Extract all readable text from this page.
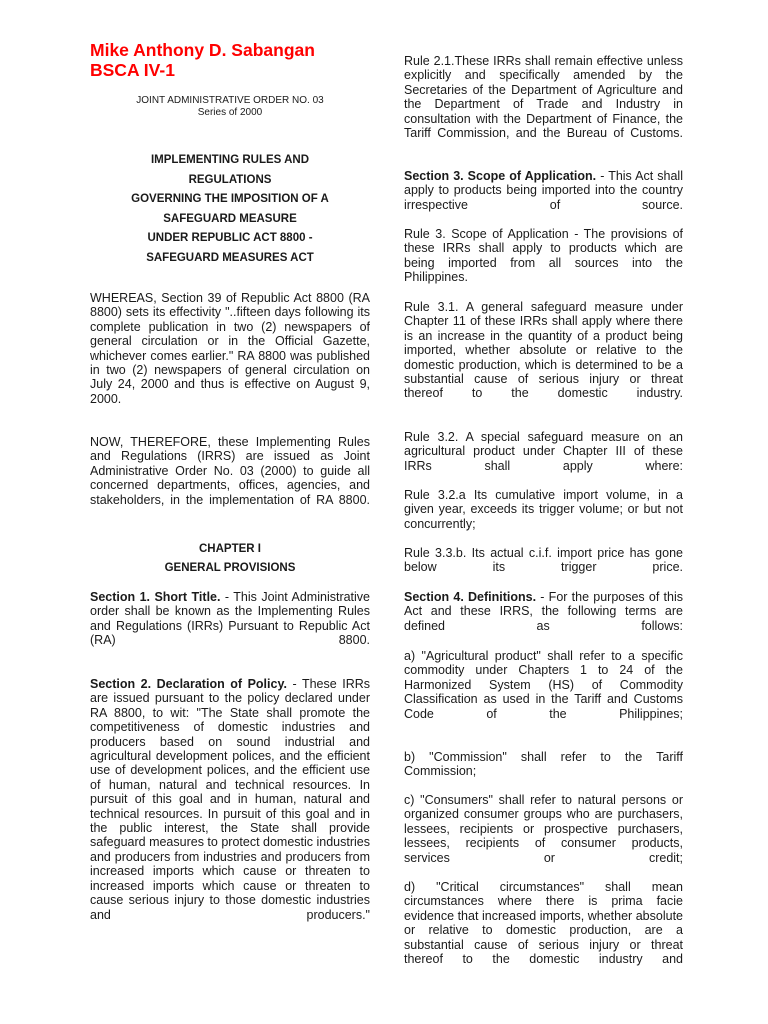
Mike Anthony D. Sabangan
BSCA IV-1

JOINT ADMINISTRATIVE ORDER NO. 03
Series of 2000

IMPLEMENTING RULES AND
REGULATIONS
GOVERNING THE IMPOSITION OF A
SAFEGUARD MEASURE
UNDER REPUBLIC ACT 8800 -
SAFEGUARD MEASURES ACT

WHEREAS, Section 39 of Republic Act 8800 (RA 8800) sets its effectivity "..fifteen days following its complete publication in two (2) newspapers of general circulation or in the Official Gazette, whichever comes earlier." RA 8800 was published in two (2) newspapers of general circulation on July 24, 2000 and thus is effective on August 9, 2000.

NOW, THEREFORE, these Implementing Rules and Regulations (IRRS) are issued as Joint Administrative Order No. 03 (2000) to guide all concerned departments, offices, agencies, and stakeholders, in the implementation of RA 8800.

CHAPTER I
GENERAL PROVISIONS

Section 1. Short Title. - This Joint Administrative order shall be known as the Implementing Rules and Regulations (IRRs) Pursuant to Republic Act (RA) 8800.

Section 2. Declaration of Policy. - These IRRs are issued pursuant to the policy declared under RA 8800, to wit: "The State shall promote the competitiveness of domestic industries and producers based on sound industrial and agricultural development polices, and the efficient use of development polices, and the efficient use of human, natural and technical resources. In pursuit of this goal and in human, natural and technical resources. In pursuit of this goal and in the public interest, the State shall provide safeguard measures to protect domestic industries and producers from industries and producers from increased imports which cause or threaten to increased imports which cause or threaten to cause serious injury to those domestic industries and producers."

Rule 2.1.These IRRs shall remain effective unless explicitly and specifically amended by the Secretaries of the Department of Agriculture and the Department of Trade and Industry in consultation with the Department of Finance, the Tariff Commission, and the Bureau of Customs.

Section 3. Scope of Application. - This Act shall apply to products being imported into the country irrespective of source.

Rule 3. Scope of Application - The provisions of these IRRs shall apply to products which are being imported from all sources into the Philippines.

Rule 3.1. A general safeguard measure under Chapter 11 of these IRRs shall apply where there is an increase in the quantity of a product being imported, whether absolute or relative to the domestic production, which is determined to be a substantial cause of serious injury or threat thereof to the domestic industry.

Rule 3.2. A special safeguard measure on an agricultural product under Chapter III of these IRRs shall apply where:

Rule 3.2.a Its cumulative import volume, in a given year, exceeds its trigger volume; or but not concurrently;

Rule 3.3.b. Its actual c.i.f. import price has gone below its trigger price.

Section 4. Definitions. - For the purposes of this Act and these IRRS, the following terms are defined as follows:

a) "Agricultural product" shall refer to a specific commodity under Chapters 1 to 24 of the Harmonized System (HS) of Commodity Classification as used in the Tariff and Customs Code of the Philippines;

b) "Commission" shall refer to the Tariff Commission;

c) "Consumers" shall refer to natural persons or organized consumer groups who are purchasers, lessees, recipients or prospective purchasers, lessees, recipients of consumer products, services or credit;

d) "Critical circumstances" shall mean circumstances where there is prima facie evidence that increased imports, whether absolute or relative to domestic production, are a substantial cause of serious injury or threat thereof to the domestic industry and
